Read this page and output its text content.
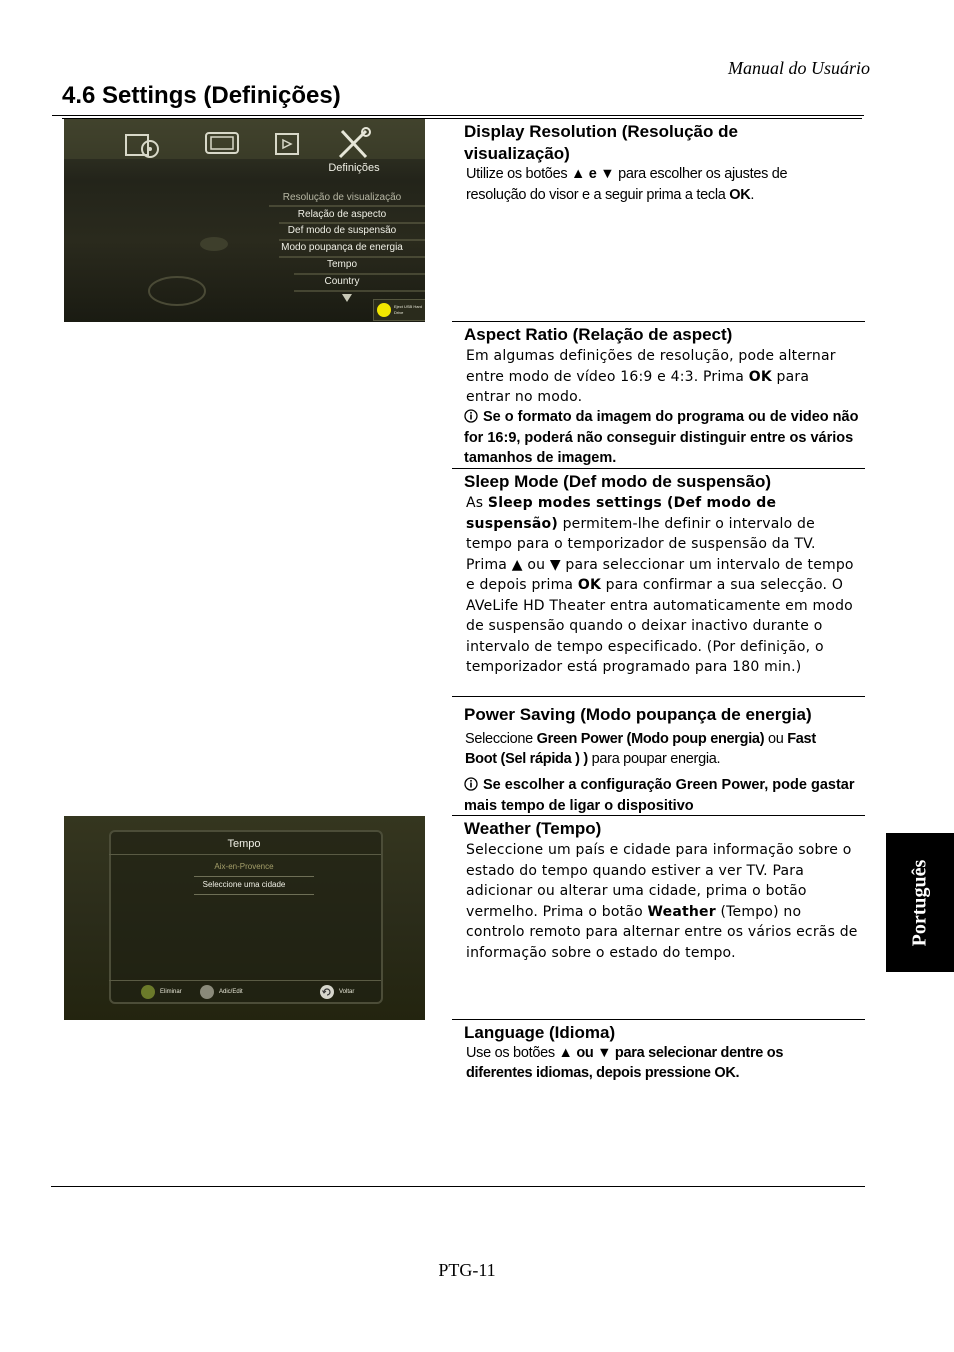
Manual do Usuário
4.6 Settings (Definições)
Definições
Resolução de visualização
Relação de aspecto
Def modo de suspensão
Modo poupança de energia
Tempo
Country
Eject USB Hard Drive
Display Resolution (Resolução de visualização)
Utilize os botões ▲ e ▼ para escolher os ajustes de resolução do visor e a seguir prima a tecla OK.
Aspect Ratio (Relação de aspect)
Em algumas definições de resolução, pode alternar entre modo de vídeo 16:9 e 4:3. Prima OK para entrar no modo.
Se o formato da imagem do programa ou de video não for 16:9, poderá não conseguir distinguir entre os vários tamanhos de imagem.
Sleep Mode (Def modo de suspensão)
As Sleep modes settings (Def modo de suspensão) permitem-lhe definir o intervalo de tempo para o temporizador de suspensão da TV. Prima ▲ ou ▼ para seleccionar um intervalo de tempo e depois prima OK para confirmar a sua selecção. O AVeLife HD Theater entra automaticamente em modo de suspensão quando o deixar inactivo durante o intervalo de tempo especificado. (Por definição, o temporizador está programado para 180 min.)
Power Saving (Modo poupança de energia)
Seleccione Green Power (Modo poup energia) ou Fast Boot (Sel rápida ) ) para poupar energia.
Se escolher a configuração Green Power, pode gastar mais tempo de ligar o dispositivo
Tempo
Aix-en-Provence
Seleccione uma cidade
Eliminar	Adic/Edit	Voltar
Weather (Tempo)
Seleccione um país e cidade para informação sobre o estado do tempo quando estiver a ver TV. Para adicionar ou alterar uma cidade, prima o botão vermelho. Prima o botão Weather (Tempo) no controlo remoto para alternar entre os vários ecrãs de informação sobre o estado do tempo.
Language (Idioma)
Use os botões ▲ ou ▼ para selecionar dentre os diferentes idiomas, depois pressione OK.
Português
PTG-11
